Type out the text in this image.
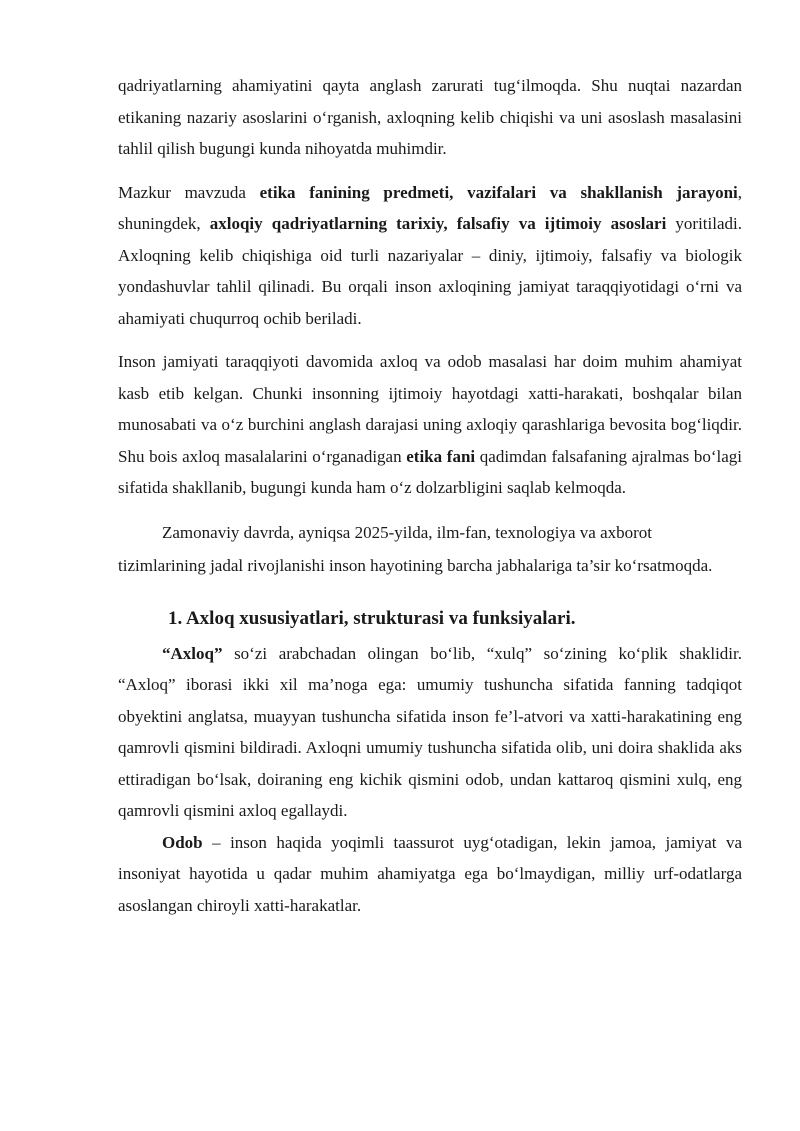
qadriyatlarning ahamiyatini qayta anglash zarurati tug‘ilmoqda. Shu nuqtai nazardan etikaning nazariy asoslarini o‘rganish, axloqning kelib chiqishi va uni asoslash masalasini tahlil qilish bugungi kunda nihoyatda muhimdir.

Mazkur mavzuda etika fanining predmeti, vazifalari va shakllanish jarayoni, shuningdek, axloqiy qadriyatlarning tarixiy, falsafiy va ijtimoiy asoslari yoritiladi. Axloqning kelib chiqishiga oid turli nazariyalar – diniy, ijtimoiy, falsafiy va biologik yondashuvlar tahlil qilinadi. Bu orqali inson axloqining jamiyat taraqqiyotidagi o‘rni va ahamiyati chuqurroq ochib beriladi.

Inson jamiyati taraqqiyoti davomida axloq va odob masalasi har doim muhim ahamiyat kasb etib kelgan. Chunki insonning ijtimoiy hayotdagi xatti-harakati, boshqalar bilan munosabati va o‘z burchini anglash darajasi uning axloqiy qarashlariga bevosita bog‘liqdir. Shu bois axloq masalalarini o‘rganadigan etika fani qadimdan falsafaning ajralmas bo‘lagi sifatida shakllanib, bugungi kunda ham o‘z dolzarbligini saqlab kelmoqda.

Zamonaviy davrda, ayniqsa 2025-yilda, ilm-fan, texnologiya va axborot tizimlarining jadal rivojlanishi inson hayotining barcha jabhalariga ta’sir ko‘rsatmoqda.

1. Axloq xususiyatlari, strukturasi va funksiyalari.

“Axloq” so‘zi arabchadan olingan bo‘lib, “xulq” so‘zining ko‘plik shaklidir. “Axloq” iborasi ikki xil ma’noga ega: umumiy tushuncha sifatida fanning tadqiqot obyektini anglatsa, muayyan tushuncha sifatida inson fe’l-atvori va xatti-harakatining eng qamrovli qismini bildiradi. Axloqni umumiy tushuncha sifatida olib, uni doira shaklida aks ettiradigan bo‘lsak, doiraning eng kichik qismini odob, undan kattaroq qismini xulq, eng qamrovli qismini axloq egallaydi.

Odob – inson haqida yoqimli taassurot uyg‘otadigan, lekin jamoa, jamiyat va insoniyat hayotida u qadar muhim ahamiyatga ega bo‘lmaydigan, milliy urf-odatlarga asoslangan chiroyli xatti-harakatlar.
